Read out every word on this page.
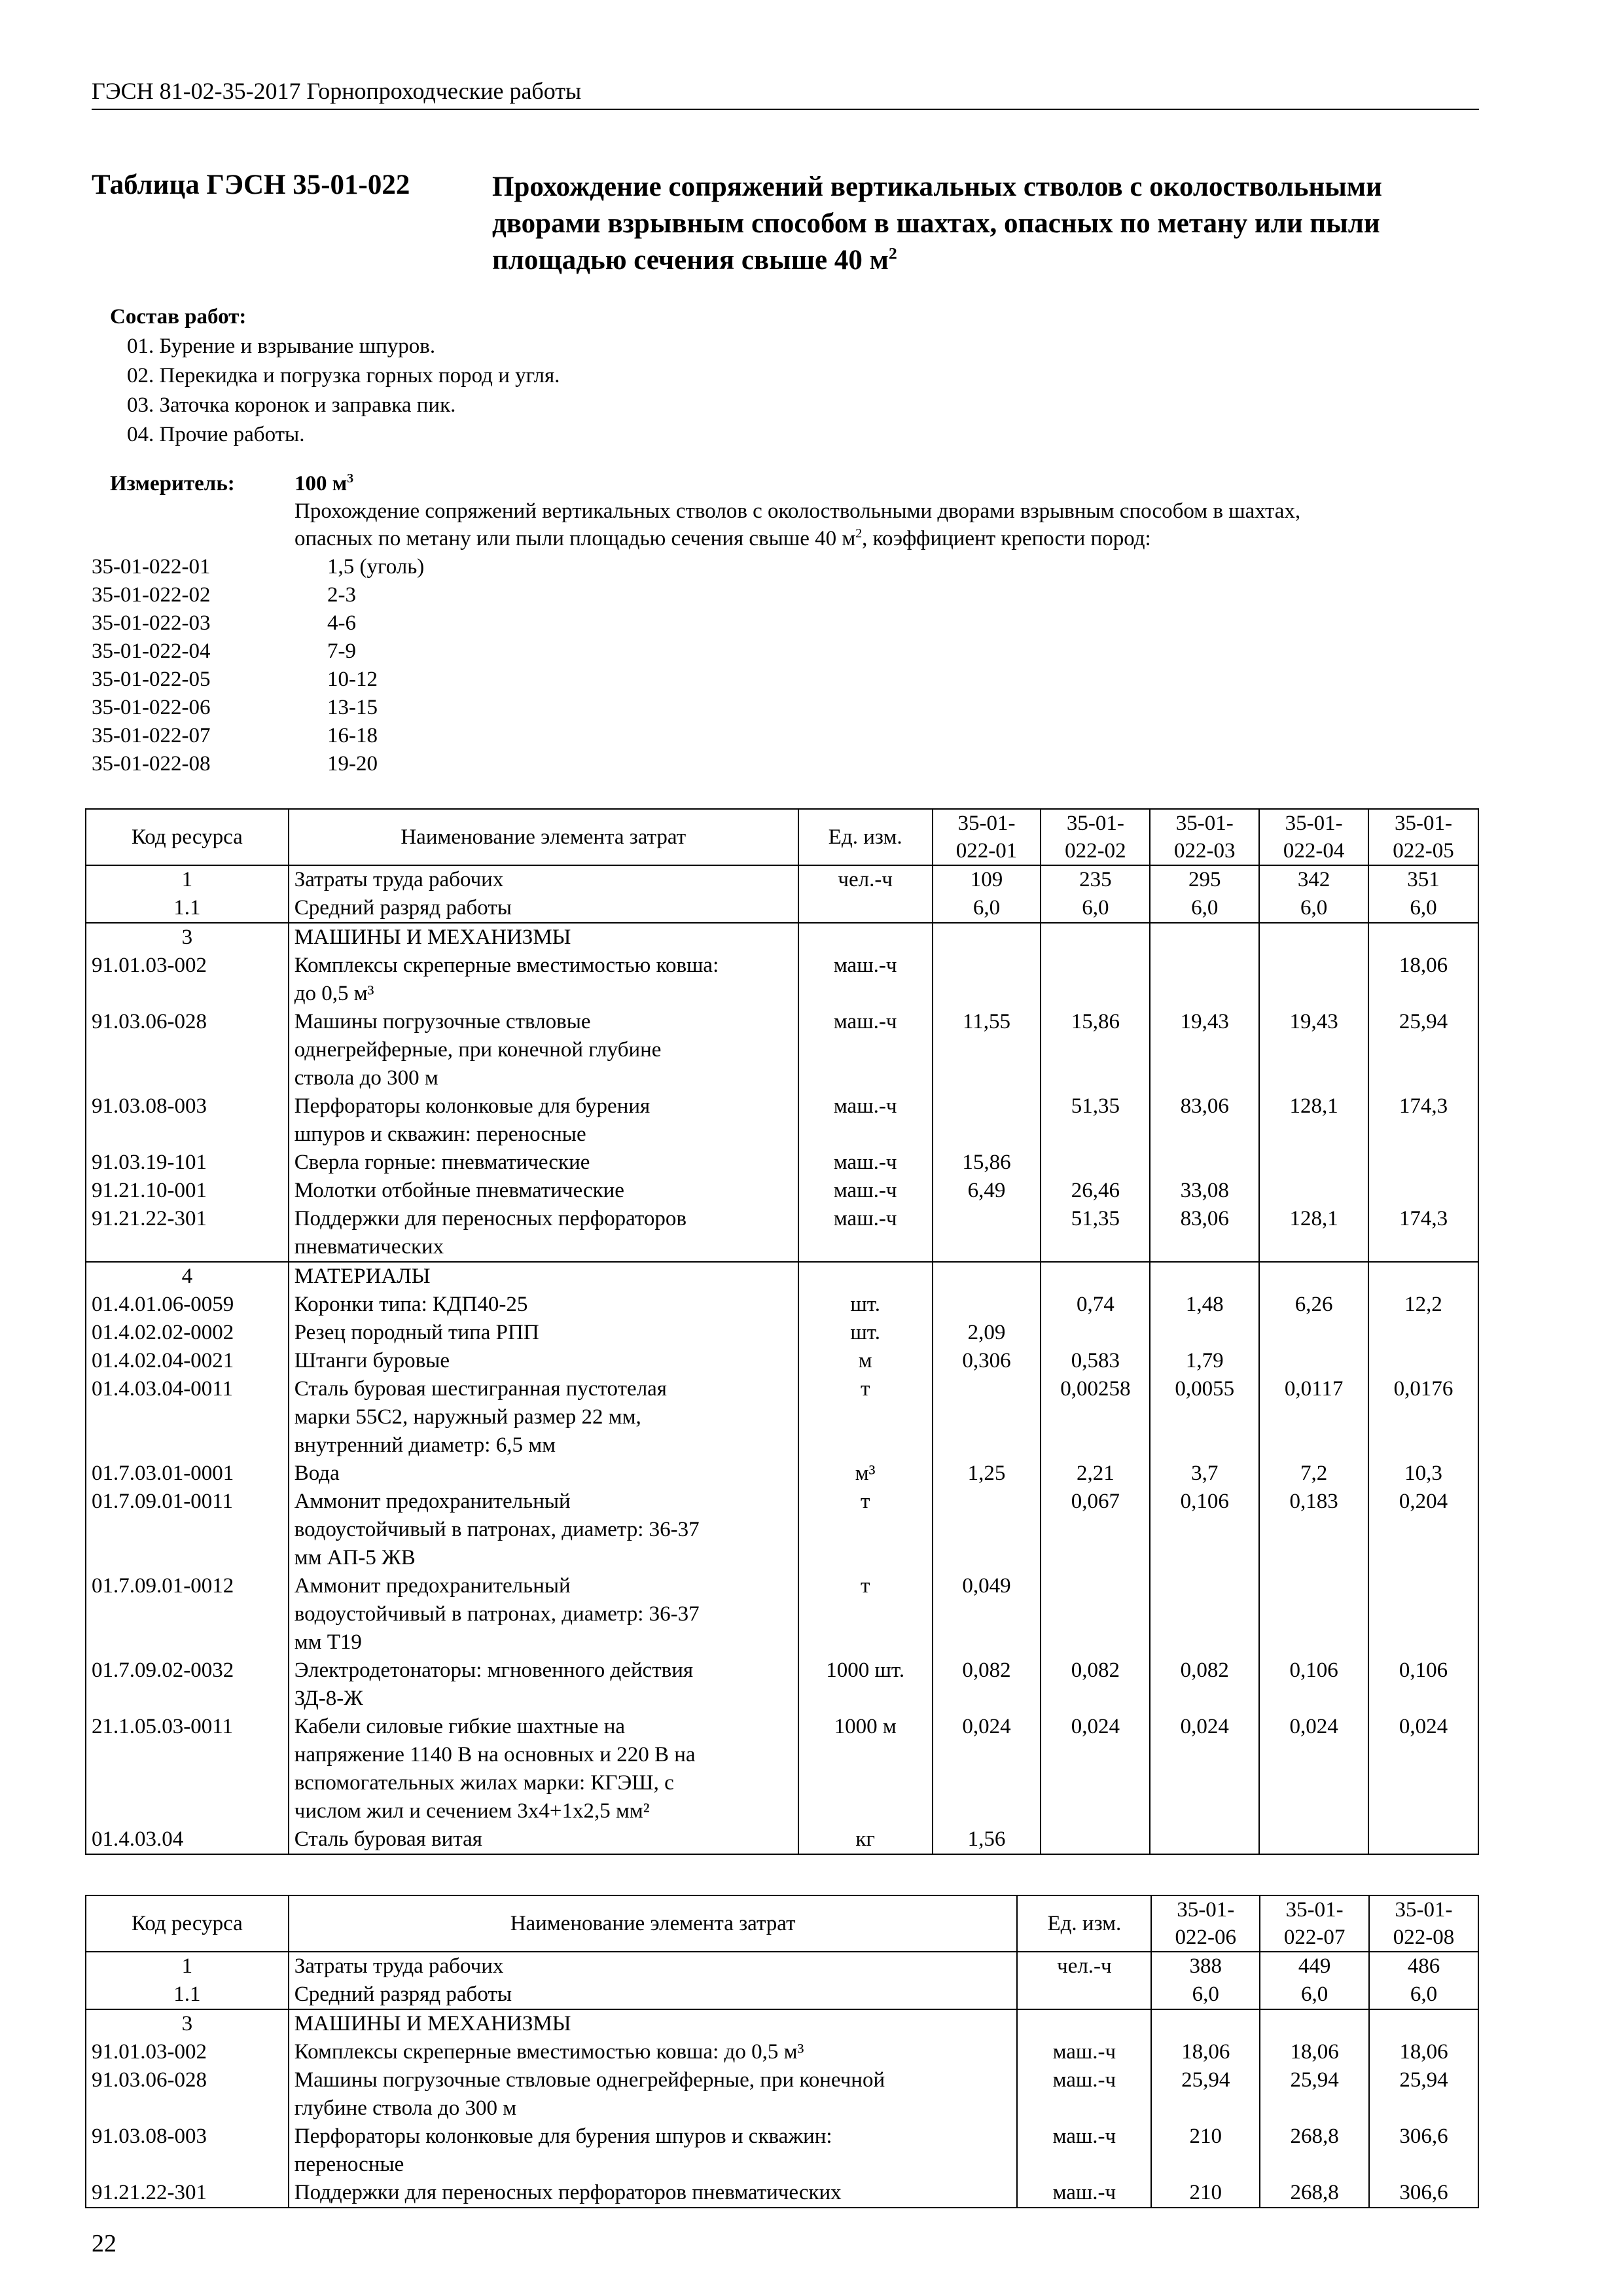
ГЭСН 81-02-35-2017 Горнопроходческие работы
Таблица ГЭСН 35-01-022	Прохождение сопряжений вертикальных стволов с околоствольными
дворами взрывным способом в шахтах, опасных по метану или пыли
площадью сечения свыше 40 $м^2$
Состав работ:
01. Бурение и взрывание шпуров.
02. Перекидка и погрузка горных пород и угля.
03. Заточка коронок и заправка пик.
04. Прочие работы.
Измеритель:	100 $м^3$
Прохождение сопряжений вертикальных стволов с околоствольными дворами взрывным способом в шахтах,
опасных по метану или пыли площадью сечения свыше 40 $м^2$, коэффициент крепости пород:
35-01-022-01	1,5 (уголь)
35-01-022-02	2-3
35-01-022-03	4-6
35-01-022-04	7-9
35-01-022-05	10-12
35-01-022-06	13-15
35-01-022-07	16-18
35-01-022-08	19-20
Код ресурса	Наименование элемента затрат	Ед. изм.	35-01-
022-01	35-01-
022-02	35-01-
022-03	35-01-
022-04	35-01-
022-05
1	Затраты труда рабочих	чел.-ч	109	235	295	342	351
1.1	Средний разряд работы		6,0	6,0	6,0	6,0	6,0
3	МАШИНЫ И МЕХАНИЗМЫ						
91.01.03-002	Комплексы скреперные вместимостью ковша:
до 0,5 м³	маш.-ч					18,06
91.03.06-028	Машины погрузочные ствловые
однегрейферные, при конечной глубине
ствола до 300 м	маш.-ч	11,55	15,86	19,43	19,43	25,94
91.03.08-003	Перфораторы колонковые для бурения
шпуров и скважин: переносные	маш.-ч		51,35	83,06	128,1	174,3
91.03.19-101	Сверла горные: пневматические	маш.-ч	15,86				
91.21.10-001	Молотки отбойные пневматические	маш.-ч	6,49	26,46	33,08		
91.21.22-301	Поддержки для переносных перфораторов
пневматических	маш.-ч		51,35	83,06	128,1	174,3
4	МАТЕРИАЛЫ						
01.4.01.06-0059	Коронки типа: КДП40-25	шт.		0,74	1,48	6,26	12,2
01.4.02.02-0002	Резец породный типа РПП	шт.	2,09				
01.4.02.04-0021	Штанги буровые	м	0,306	0,583	1,79		
01.4.03.04-0011	Сталь буровая шестигранная пустотелая
марки 55С2, наружный размер 22 мм,
внутренний диаметр: 6,5 мм	т		0,00258	0,0055	0,0117	0,0176
01.7.03.01-0001	Вода	м³	1,25	2,21	3,7	7,2	10,3
01.7.09.01-0011	Аммонит предохранительный
водоустойчивый в патронах, диаметр: 36-37
мм АП-5 ЖВ	т		0,067	0,106	0,183	0,204
01.7.09.01-0012	Аммонит предохранительный
водоустойчивый в патронах, диаметр: 36-37
мм Т19	т	0,049				
01.7.09.02-0032	Электродетонаторы: мгновенного действия
ЗД-8-Ж	1000 шт.	0,082	0,082	0,082	0,106	0,106
21.1.05.03-0011	Кабели силовые гибкие шахтные на
напряжение 1140 В на основных и 220 В на
вспомогательных жилах марки: КГЭШ, с
числом жил и сечением 3х4+1х2,5 мм²	1000 м	0,024	0,024	0,024	0,024	0,024
01.4.03.04	Сталь буровая витая	кг	1,56				
Код ресурса	Наименование элемента затрат	Ед. изм.	35-01-
022-06	35-01-
022-07	35-01-
022-08
1	Затраты труда рабочих	чел.-ч	388	449	486
1.1	Средний разряд работы		6,0	6,0	6,0
3	МАШИНЫ И МЕХАНИЗМЫ				
91.01.03-002	Комплексы скреперные вместимостью ковша: до 0,5 м³	маш.-ч	18,06	18,06	18,06
91.03.06-028	Машины погрузочные ствловые однегрейферные, при конечной
глубине ствола до 300 м	маш.-ч	25,94	25,94	25,94
91.03.08-003	Перфораторы колонковые для бурения шпуров и скважин:
переносные	маш.-ч	210	268,8	306,6
91.21.22-301	Поддержки для переносных перфораторов пневматических	маш.-ч	210	268,8	306,6
22
